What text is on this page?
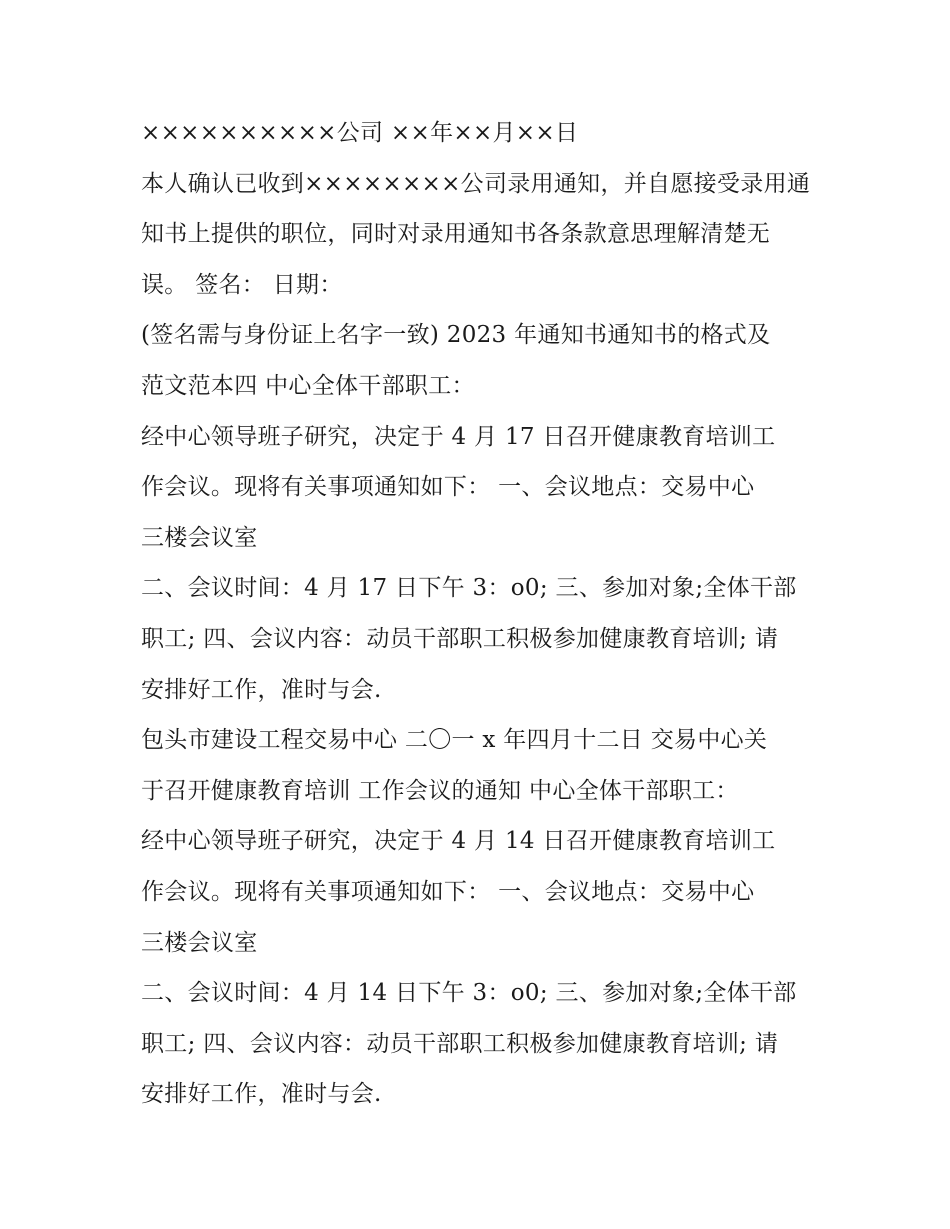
××××××××××公司 ××年××月××日
本人确认已收到××××××××公司录用通知，并自愿接受录用通
知书上提供的职位，同时对录用通知书各条款意思理解清楚无
误。 签名： 日期：
(签名需与身份证上名字一致) 2023 年通知书通知书的格式及
范文范本四 中心全体干部职工：
经中心领导班子研究，决定于 4 月 17 日召开健康教育培训工
作会议。现将有关事项通知如下： 一、会议地点：交易中心
三楼会议室
二、会议时间：4 月 17 日下午 3：o0; 三、参加对象;全体干部
职工; 四、会议内容：动员干部职工积极参加健康教育培训; 请
安排好工作，准时与会.
包头市建设工程交易中心 二〇一 x 年四月十二日 交易中心关
于召开健康教育培训 工作会议的通知 中心全体干部职工：
经中心领导班子研究，决定于 4 月 14 日召开健康教育培训工
作会议。现将有关事项通知如下： 一、会议地点：交易中心
三楼会议室
二、会议时间：4 月 14 日下午 3：o0; 三、参加对象;全体干部
职工; 四、会议内容：动员干部职工积极参加健康教育培训; 请
安排好工作，准时与会.
